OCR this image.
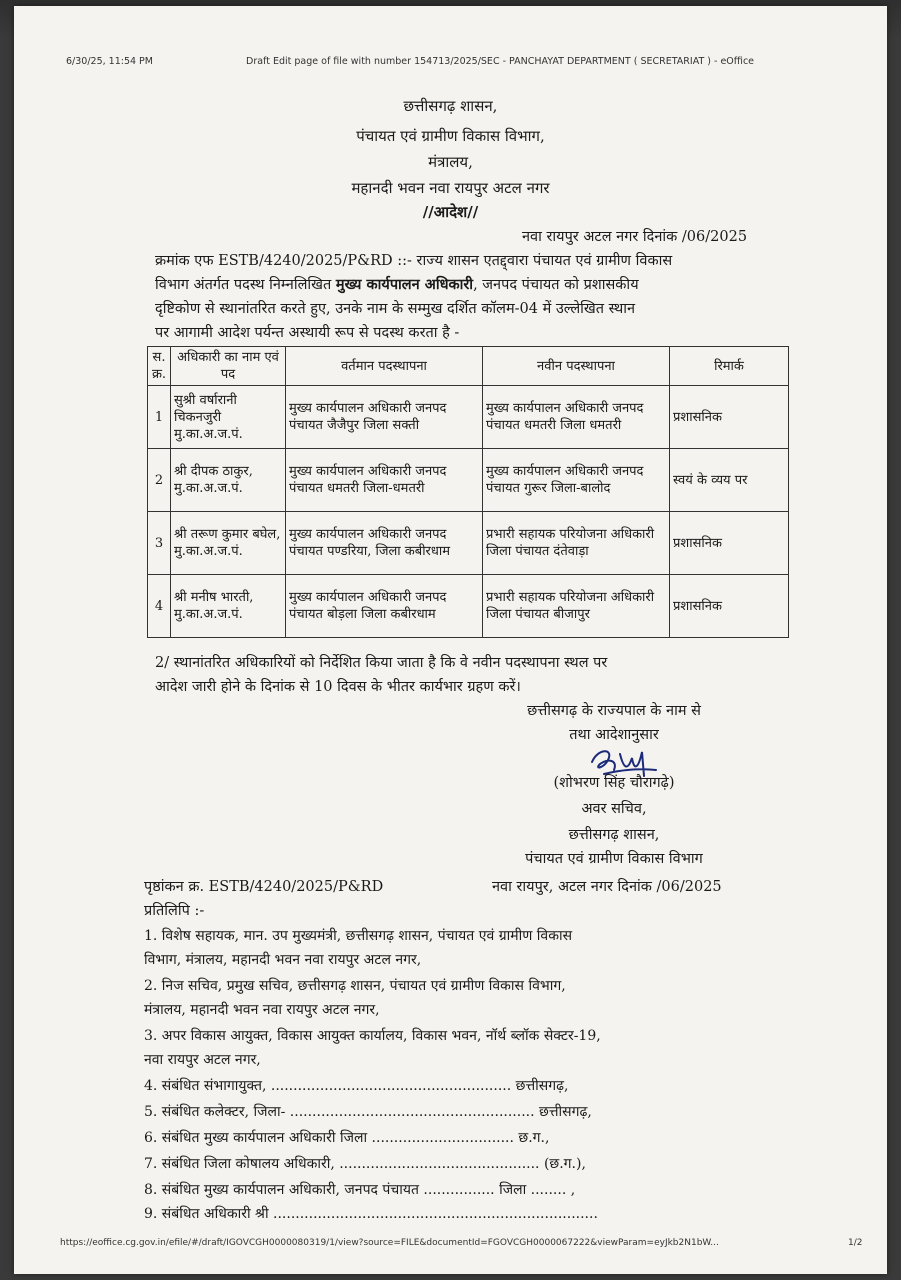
6/30/25, 11:54 PM	Draft Edit page of file with number 154713/2025/SEC - PANCHAYAT DEPARTMENT ( SECRETARIAT ) - eOffice
छत्तीसगढ़ शासन,
पंचायत एवं ग्रामीण विकास विभाग,
मंत्रालय,
महानदी भवन नवा रायपुर अटल नगर
//आदेश//
नवा रायपुर अटल नगर दिनांक /06/2025
क्रमांक एफ ESTB/4240/2025/P&RD ::- राज्य शासन एतद्द्वारा पंचायत एवं ग्रामीण विकास
विभाग अंतर्गत पदस्थ निम्नलिखित मुख्य कार्यपालन अधिकारी, जनपद पंचायत को प्रशासकीय
दृष्टिकोण से स्थानांतरित करते हुए, उनके नाम के सम्मुख दर्शित कॉलम-04 में उल्लेखित स्थान
पर आगामी आदेश पर्यन्त अस्थायी रूप से पदस्थ करता है -
स. क्र.	अधिकारी का नाम एवं पद	वर्तमान पदस्थापना	नवीन पदस्थापना	रिमार्क
1	सुश्री वर्षारानी चिकनजुरी मु.का.अ.ज.पं.	मुख्य कार्यपालन अधिकारी जनपद पंचायत जैजैपुर जिला सक्ती	मुख्य कार्यपालन अधिकारी जनपद पंचायत धमतरी जिला धमतरी	प्रशासनिक
2	श्री दीपक ठाकुर, मु.का.अ.ज.पं.	मुख्य कार्यपालन अधिकारी जनपद पंचायत धमतरी जिला-धमतरी	मुख्य कार्यपालन अधिकारी जनपद पंचायत गुरूर जिला-बालोद	स्वयं के व्यय पर
3	श्री तरूण कुमार बघेल, मु.का.अ.ज.पं.	मुख्य कार्यपालन अधिकारी जनपद पंचायत पण्डरिया, जिला कबीरधाम	प्रभारी सहायक परियोजना अधिकारी जिला पंचायत दंतेवाड़ा	प्रशासनिक
4	श्री मनीष भारती, मु.का.अ.ज.पं.	मुख्य कार्यपालन अधिकारी जनपद पंचायत बोड़ला जिला कबीरधाम	प्रभारी सहायक परियोजना अधिकारी जिला पंचायत बीजापुर	प्रशासनिक
2/ स्थानांतरित अधिकारियों को निर्देशित किया जाता है कि वे नवीन पदस्थापना स्थल पर
आदेश जारी होने के दिनांक से 10 दिवस के भीतर कार्यभार ग्रहण करें।
छत्तीसगढ़ के राज्यपाल के नाम से
तथा आदेशानुसार
(शोभरण सिंह चौरागढ़े)
अवर सचिव,
छत्तीसगढ़ शासन,
पंचायत एवं ग्रामीण विकास विभाग
पृष्ठांकन क्र. ESTB/4240/2025/P&RD	नवा रायपुर, अटल नगर दिनांक /06/2025
प्रतिलिपि :-
1. विशेष सहायक, मान. उप मुख्यमंत्री, छत्तीसगढ़ शासन, पंचायत एवं ग्रामीण विकास
विभाग, मंत्रालय, महानदी भवन नवा रायपुर अटल नगर,
2. निज सचिव, प्रमुख सचिव, छत्तीसगढ़ शासन, पंचायत एवं ग्रामीण विकास विभाग,
मंत्रालय, महानदी भवन नवा रायपुर अटल नगर,
3. अपर विकास आयुक्त, विकास आयुक्त कार्यालय, विकास भवन, नॉर्थ ब्लॉक सेक्टर-19,
नवा रायपुर अटल नगर,
4. संबंधित संभागायुक्त, ...................................................... छत्तीसगढ़,
5. संबंधित कलेक्टर, जिला- ....................................................... छत्तीसगढ़,
6. संबंधित मुख्य कार्यपालन अधिकारी जिला ................................ छ.ग.,
7. संबंधित जिला कोषालय अधिकारी, ............................................. (छ.ग.),
8. संबंधित मुख्य कार्यपालन अधिकारी, जनपद पंचायत ................ जिला ........ ,
9. संबंधित अधिकारी श्री .........................................................................
https://eoffice.cg.gov.in/efile/#/draft/IGOVCGH0000080319/1/view?source=FILE&documentId=FGOVCGH0000067222&viewParam=eyJkb2N1bW...	1/2
